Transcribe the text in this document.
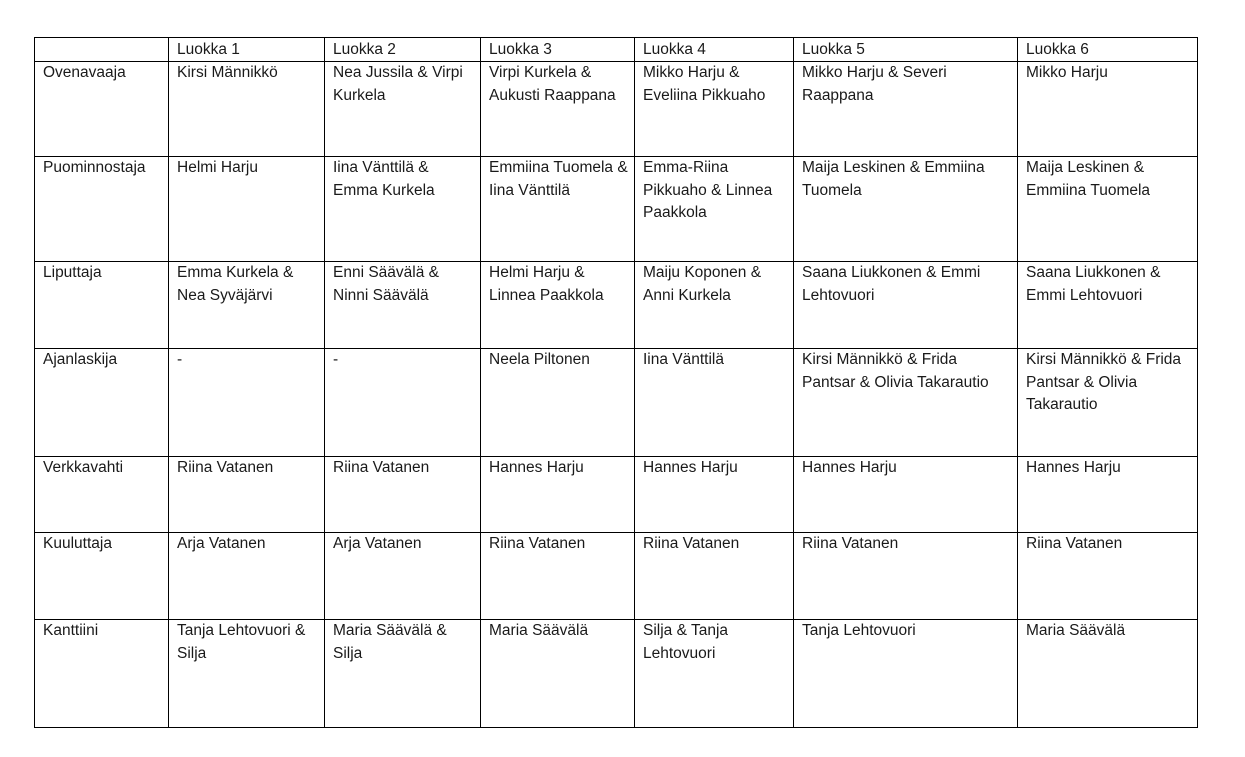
	Luokka 1	Luokka 2	Luokka 3	Luokka 4	Luokka 5	Luokka 6
Ovenavaaja	Kirsi Männikkö	Nea Jussila & Virpi Kurkela	Virpi Kurkela & Aukusti Raappana	Mikko Harju & Eveliina Pikkuaho	Mikko Harju & Severi Raappana	Mikko Harju
Puominnostaja	Helmi Harju	Iina Vänttilä & Emma Kurkela	Emmiina Tuomela & Iina Vänttilä	Emma-Riina Pikkuaho & Linnea Paakkola	Maija Leskinen & Emmiina Tuomela	Maija Leskinen & Emmiina Tuomela
Liputtaja	Emma Kurkela & Nea Syväjärvi	Enni Säävälä & Ninni Säävälä	Helmi Harju & Linnea Paakkola	Maiju Koponen & Anni Kurkela	Saana Liukkonen & Emmi Lehtovuori	Saana Liukkonen & Emmi Lehtovuori
Ajanlaskija	-	-	Neela Piltonen	Iina Vänttilä	Kirsi Männikkö & Frida Pantsar & Olivia Takarautio	Kirsi Männikkö & Frida Pantsar & Olivia Takarautio
Verkkavahti	Riina Vatanen	Riina Vatanen	Hannes Harju	Hannes Harju	Hannes Harju	Hannes Harju
Kuuluttaja	Arja Vatanen	Arja Vatanen	Riina Vatanen	Riina Vatanen	Riina Vatanen	Riina Vatanen
Kanttiini	Tanja Lehtovuori & Silja	Maria Säävälä & Silja	Maria Säävälä	Silja & Tanja Lehtovuori	Tanja Lehtovuori	Maria Säävälä
